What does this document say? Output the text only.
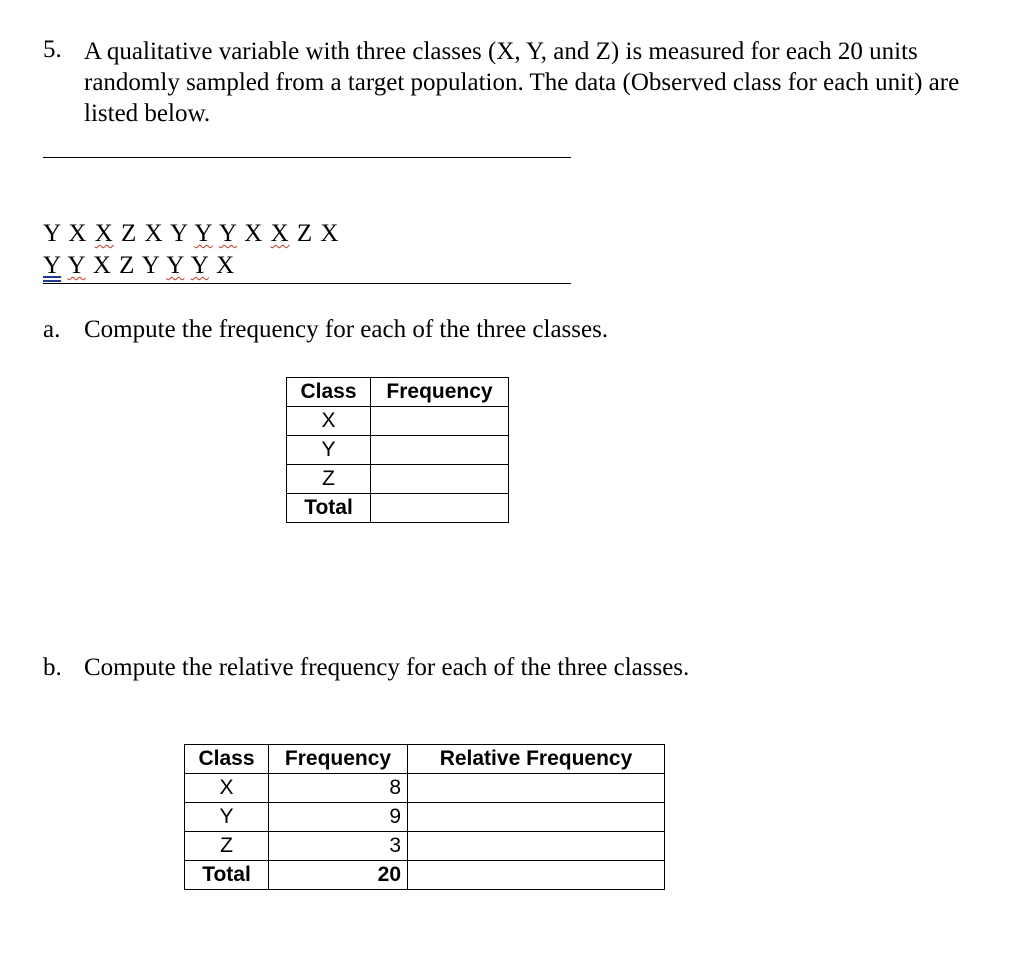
5. A qualitative variable with three classes (X, Y, and Z) is measured for each 20 units randomly sampled from a target population. The data (Observed class for each unit) are listed below.

Y X X Z X Y Y Y X X Z X

Y Y X Z Y Y Y X
a. Compute the frequency for each of the three classes.
Class	Frequency
X	
Y	
Z	
Total	
b. Compute the relative frequency for each of the three classes.
Class	Frequency	Relative Frequency
X	8	
Y	9	
Z	3	
Total	20	
